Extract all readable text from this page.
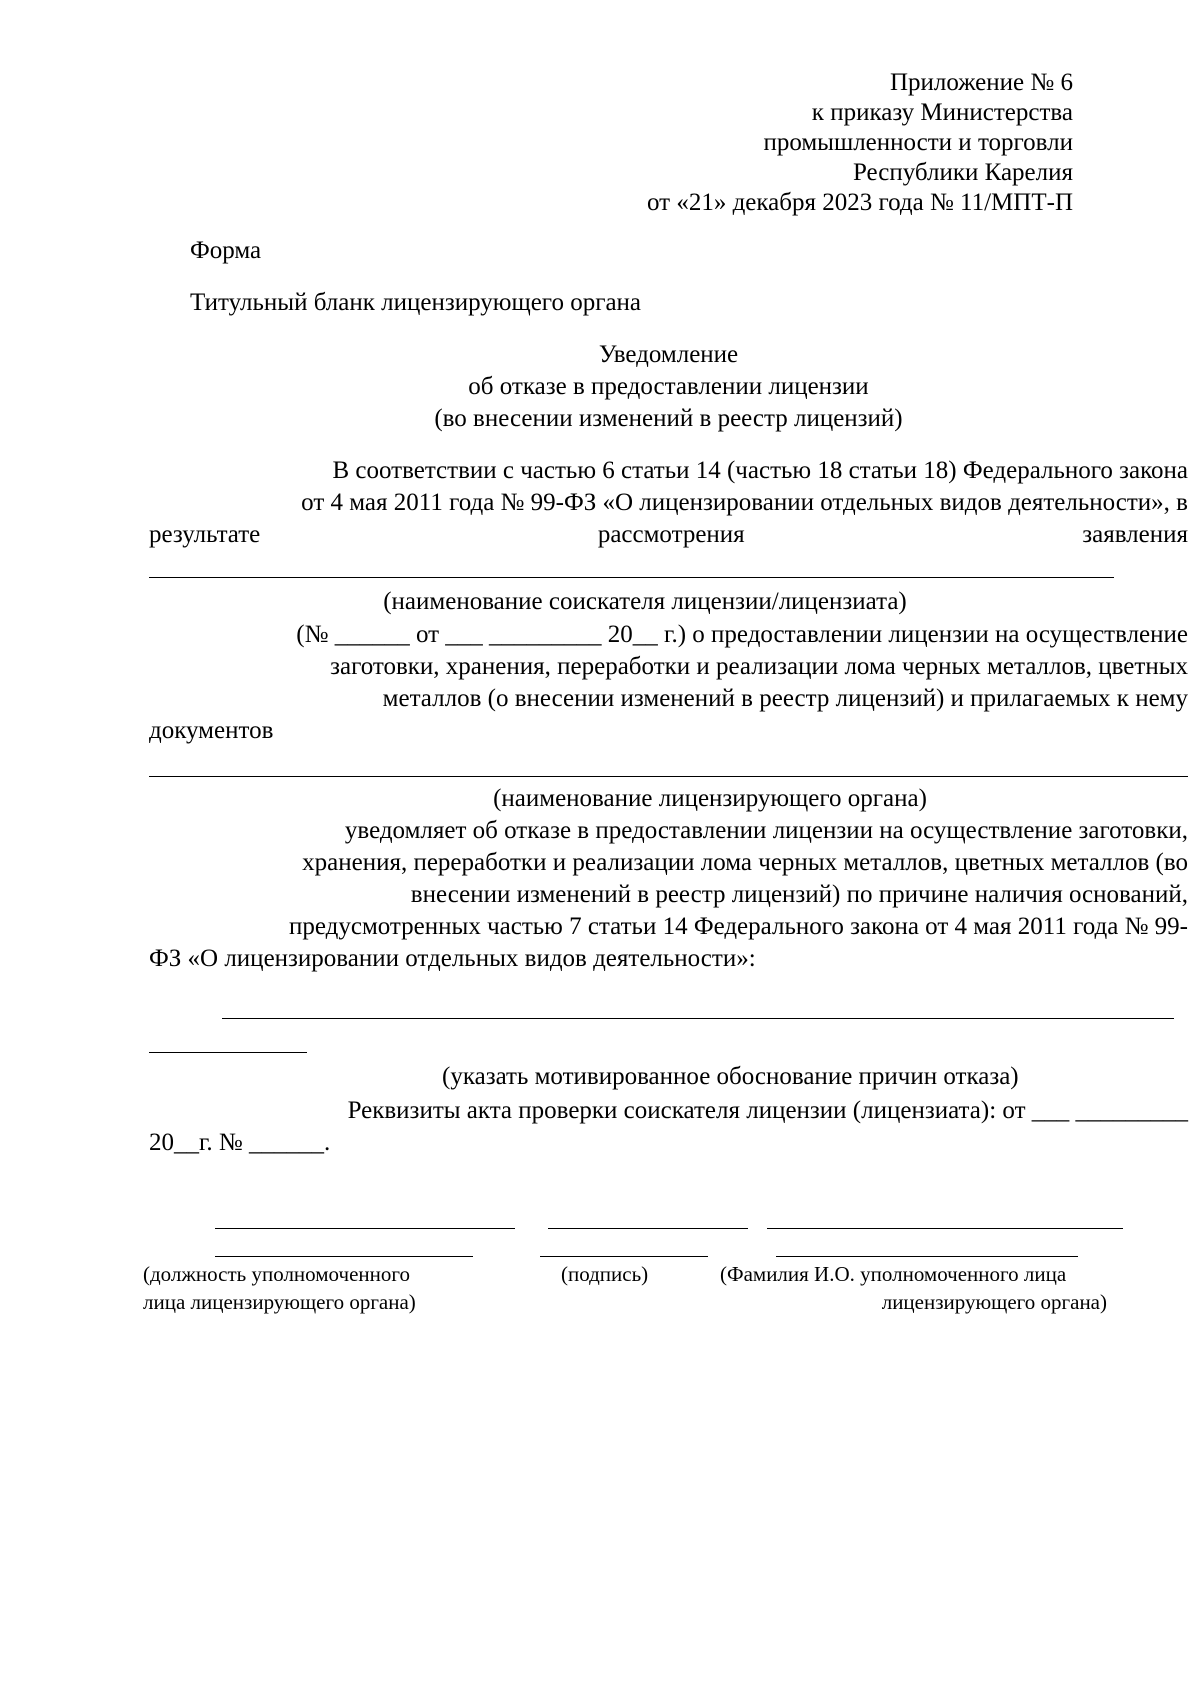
Приложение № 6
к приказу Министерства
промышленности и торговли
Республики Карелия
от «21» декабря 2023 года № 11/МПТ-П
Форма
Титульный бланк лицензирующего органа
Уведомление
об отказе в предоставлении лицензии
(во внесении изменений в реестр лицензий)
В соответствии с частью 6 статьи 14 (частью 18 статьи 18) Федерального закона
от 4 мая 2011 года № 99-ФЗ «О лицензировании отдельных видов деятельности», в
результате	рассмотрения	заявления
(наименование соискателя лицензии/лицензиата)
(№ ______ от ___ _________ 20__ г.) о предоставлении лицензии на осуществление
заготовки, хранения, переработки и реализации лома черных металлов, цветных
металлов (о внесении изменений в реестр лицензий) и прилагаемых к нему
документов
(наименование лицензирующего органа)
уведомляет об отказе в предоставлении лицензии на осуществление заготовки,
хранения, переработки и реализации лома черных металлов, цветных металлов (во
внесении изменений в реестр лицензий) по причине наличия оснований,
предусмотренных частью 7 статьи 14 Федерального закона от 4 мая 2011 года № 99-
ФЗ «О лицензировании отдельных видов деятельности»:
(указать мотивированное обоснование причин отказа)
Реквизиты акта проверки соискателя лицензии (лицензиата): от ___ _________
20__г. № ______.
(должность уполномоченного
лица лицензирующего органа)
(подпись)	(Фамилия И.О. уполномоченного лица
лицензирующего органа)
